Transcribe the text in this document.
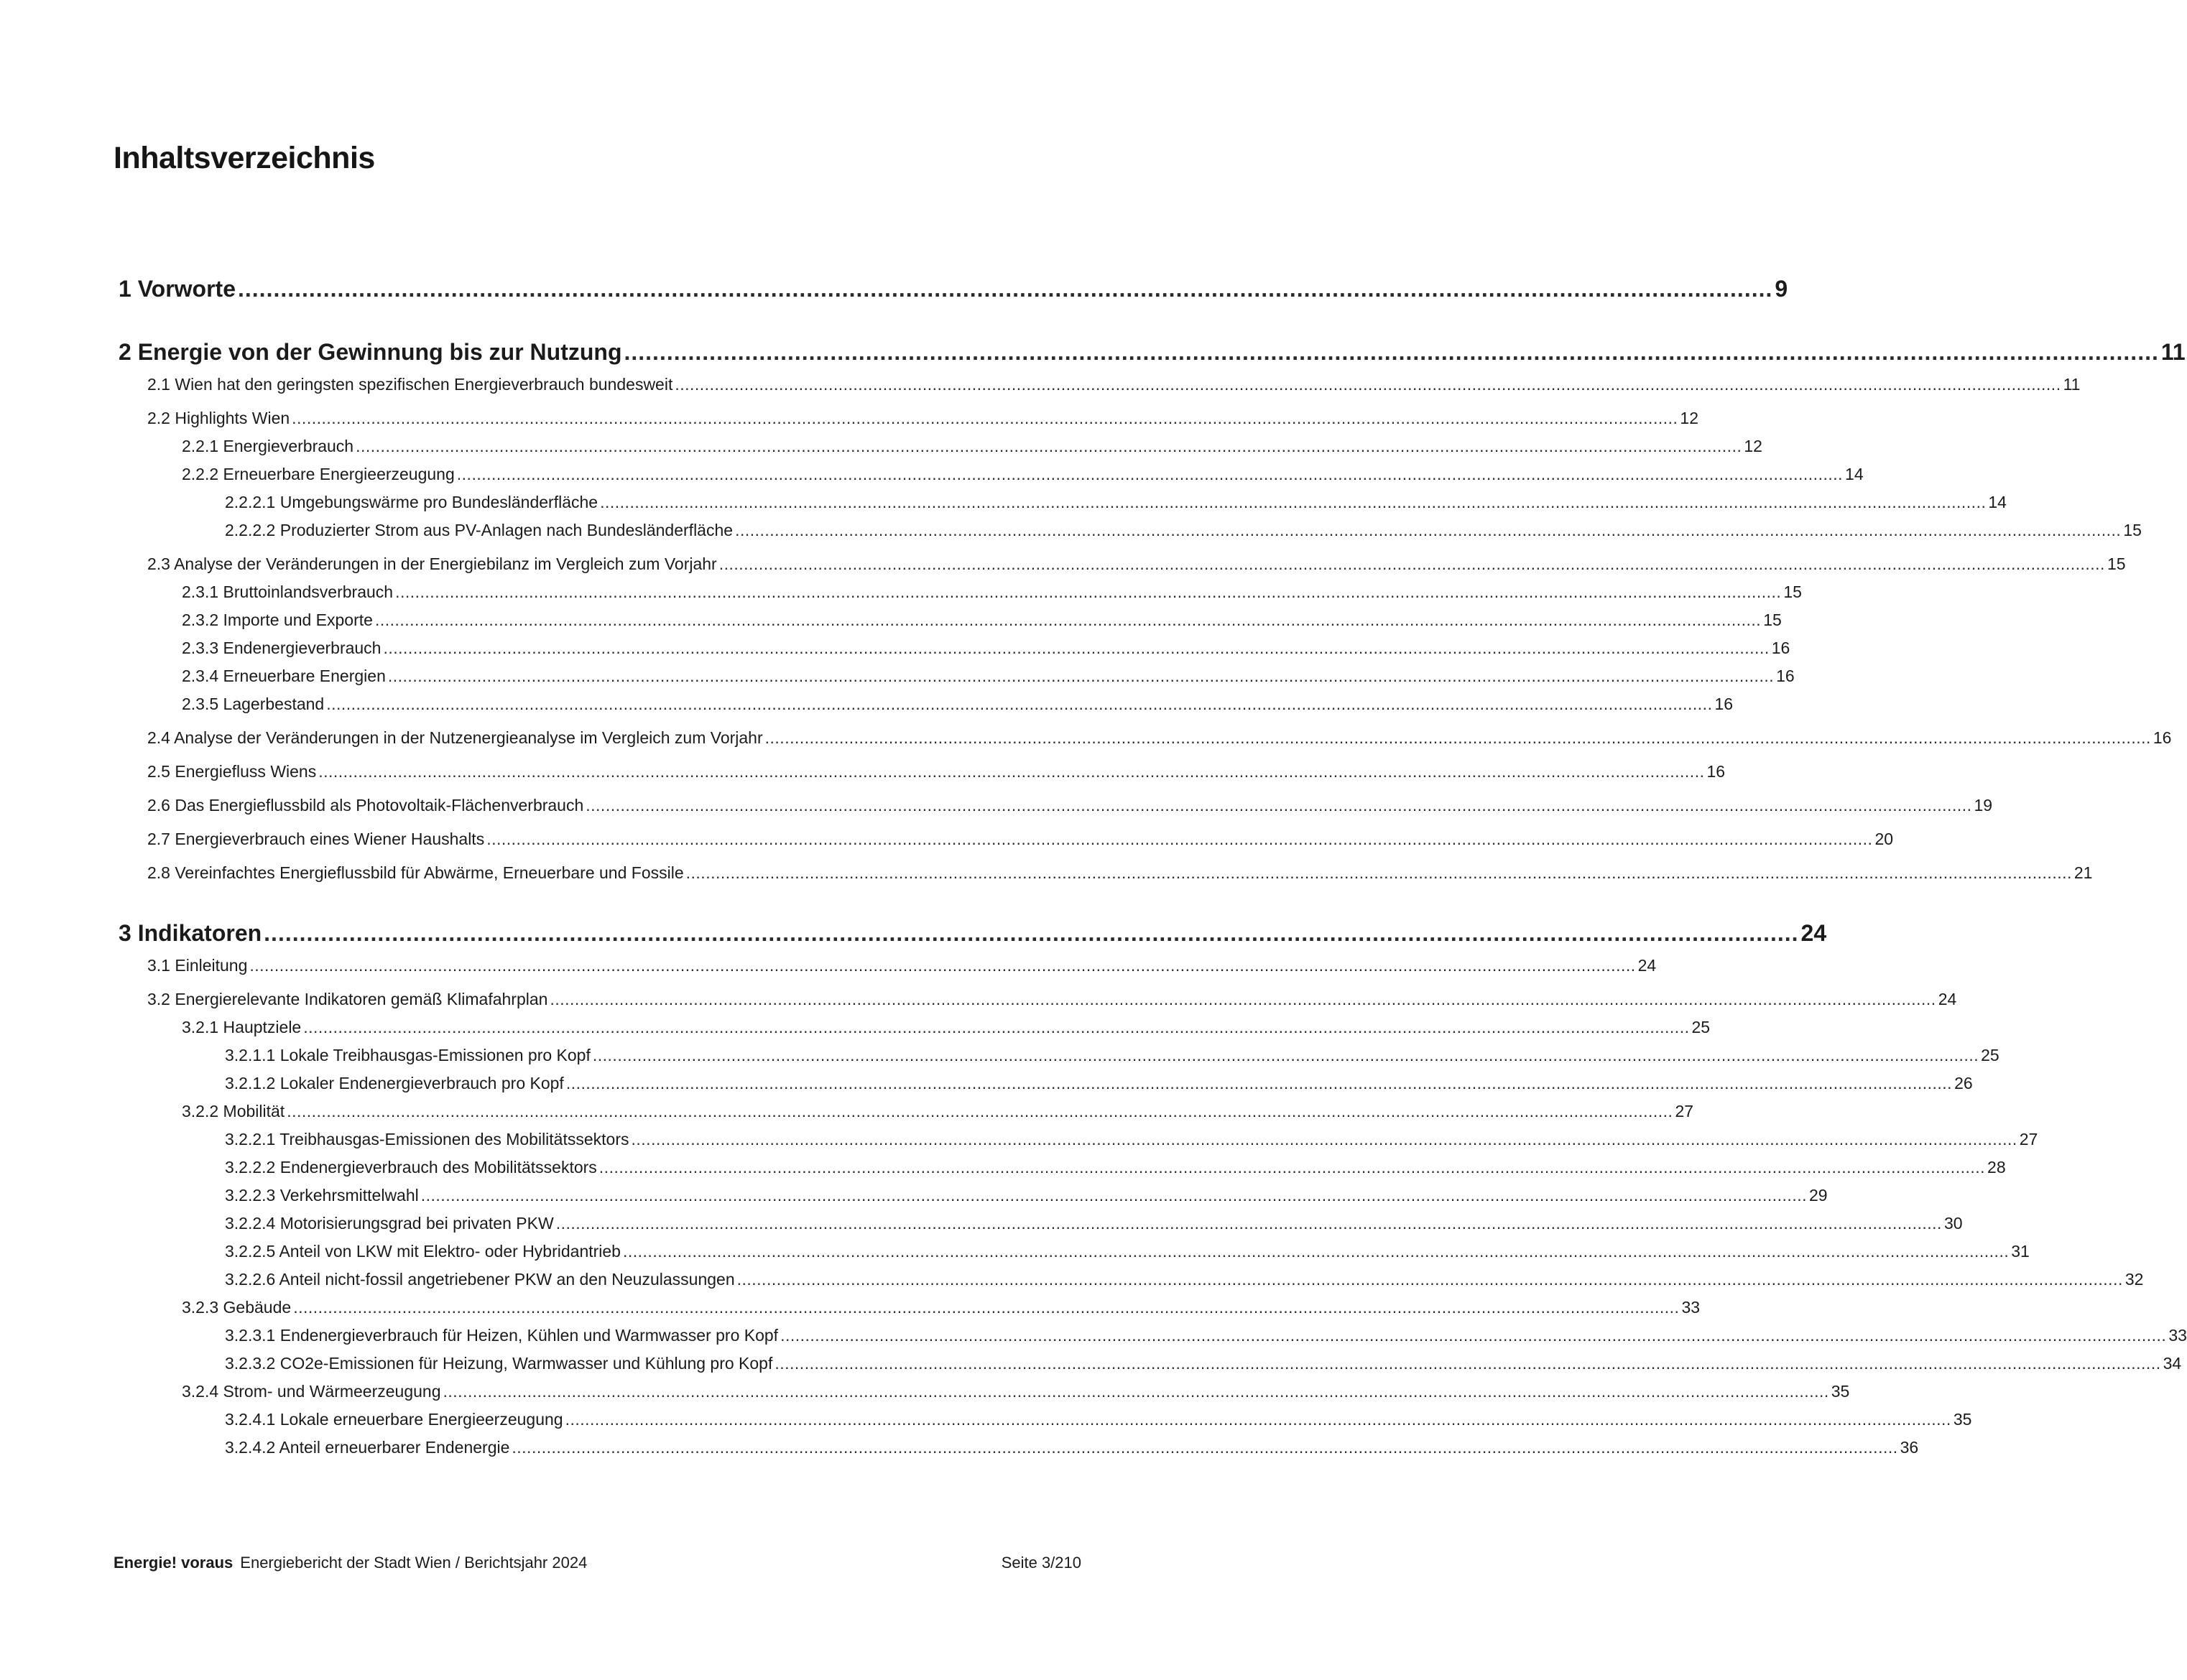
Inhaltsverzeichnis
1 Vorworte ........................................................................................................................................................................................................................ 9
2 Energie von der Gewinnung bis zur Nutzung ........................................................................................................................................................................................................................ 11
2.1 Wien hat den geringsten spezifischen Energieverbrauch bundesweit ........................................................................................................................................................................................................................................................................................ 11
2.2 Highlights Wien ........................................................................................................................................................................................................................................................................................ 12
2.2.1 Energieverbrauch ........................................................................................................................................................................................................................................................................................ 12
2.2.2 Erneuerbare Energieerzeugung ........................................................................................................................................................................................................................................................................................ 14
2.2.2.1 Umgebungswärme pro Bundesländerfläche ........................................................................................................................................................................................................................................................................................ 14
2.2.2.2 Produzierter Strom aus PV-Anlagen nach Bundesländerfläche ........................................................................................................................................................................................................................................................................................ 15
2.3 Analyse der Veränderungen in der Energiebilanz im Vergleich zum Vorjahr ........................................................................................................................................................................................................................................................................................ 15
2.3.1 Bruttoinlandsverbrauch ........................................................................................................................................................................................................................................................................................ 15
2.3.2 Importe und Exporte ........................................................................................................................................................................................................................................................................................ 15
2.3.3 Endenergieverbrauch ........................................................................................................................................................................................................................................................................................ 16
2.3.4 Erneuerbare Energien ........................................................................................................................................................................................................................................................................................ 16
2.3.5 Lagerbestand ........................................................................................................................................................................................................................................................................................ 16
2.4 Analyse der Veränderungen in der Nutzenergieanalyse im Vergleich zum Vorjahr ........................................................................................................................................................................................................................................................................................ 16
2.5 Energiefluss Wiens ........................................................................................................................................................................................................................................................................................ 16
2.6 Das Energieflussbild als Photovoltaik-Flächenverbrauch ........................................................................................................................................................................................................................................................................................ 19
2.7 Energieverbrauch eines Wiener Haushalts ........................................................................................................................................................................................................................................................................................ 20
2.8 Vereinfachtes Energieflussbild für Abwärme, Erneuerbare und Fossile ........................................................................................................................................................................................................................................................................................ 21
3 Indikatoren ........................................................................................................................................................................................................................ 24
3.1 Einleitung ........................................................................................................................................................................................................................................................................................ 24
3.2 Energierelevante Indikatoren gemäß Klimafahrplan ........................................................................................................................................................................................................................................................................................ 24
3.2.1 Hauptziele ........................................................................................................................................................................................................................................................................................ 25
3.2.1.1 Lokale Treibhausgas-Emissionen pro Kopf ........................................................................................................................................................................................................................................................................................ 25
3.2.1.2 Lokaler Endenergieverbrauch pro Kopf ........................................................................................................................................................................................................................................................................................ 26
3.2.2 Mobilität ........................................................................................................................................................................................................................................................................................ 27
3.2.2.1 Treibhausgas-Emissionen des Mobilitätssektors ........................................................................................................................................................................................................................................................................................ 27
3.2.2.2 Endenergieverbrauch des Mobilitätssektors ........................................................................................................................................................................................................................................................................................ 28
3.2.2.3 Verkehrsmittelwahl ........................................................................................................................................................................................................................................................................................ 29
3.2.2.4 Motorisierungsgrad bei privaten PKW ........................................................................................................................................................................................................................................................................................ 30
3.2.2.5 Anteil von LKW mit Elektro- oder Hybridantrieb ........................................................................................................................................................................................................................................................................................ 31
3.2.2.6 Anteil nicht-fossil angetriebener PKW an den Neuzulassungen ........................................................................................................................................................................................................................................................................................ 32
3.2.3 Gebäude ........................................................................................................................................................................................................................................................................................ 33
3.2.3.1 Endenergieverbrauch für Heizen, Kühlen und Warmwasser pro Kopf ........................................................................................................................................................................................................................................................................................ 33
3.2.3.2 CO2e-Emissionen für Heizung, Warmwasser und Kühlung pro Kopf ........................................................................................................................................................................................................................................................................................ 34
3.2.4 Strom- und Wärmeerzeugung ........................................................................................................................................................................................................................................................................................ 35
3.2.4.1 Lokale erneuerbare Energieerzeugung ........................................................................................................................................................................................................................................................................................ 35
3.2.4.2 Anteil erneuerbarer Endenergie ........................................................................................................................................................................................................................................................................................ 36
Energie! voraus Energiebericht der Stadt Wien / Berichtsjahr 2024	Seite 3/210
